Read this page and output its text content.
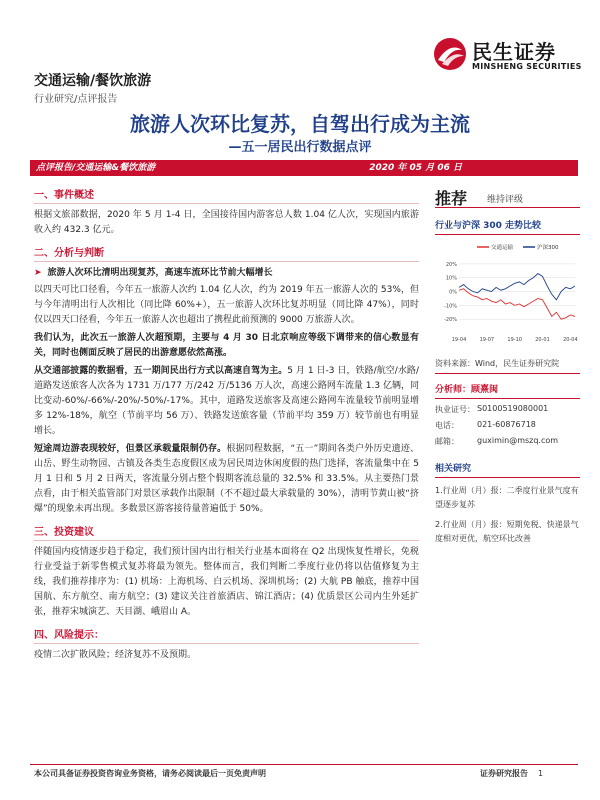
民生证券
MINSHENG SECURITIES
交通运输/餐饮旅游
行业研究/点评报告
旅游人次环比复苏，自驾出行成为主流
—五一居民出行数据点评
点评报告/交通运输&餐饮旅游	2020 年 05 月 06 日
一、事件概述
根据文旅部数据，2020 年 5 月 1-4 日，全国接待国内游客总人数 1.04 亿人次，实现国内旅游收入约 432.3 亿元。
二、分析与判断
➤ 旅游人次环比清明出现复苏，高速车流环比节前大幅增长
以四天可比口径看，今年五一旅游人次约 1.04 亿人次，约为 2019 年五一旅游人次的 53%，但与今年清明出行人次相比（同比降 60%+），五一旅游人次环比复苏明显（同比降 47%），同时仅以四天口径看，今年五一旅游人次也超出了携程此前预测的 9000 万旅游人次。
我们认为，此次五一旅游人次超预期，主要与 4 月 30 日北京响应等级下调带来的信心数显有关，同时也侧面反映了居民的出游意愿依然高涨。
从交通部披露的数据看，五一期间民出行方式以高速自驾为主。5 月 1 日-3 日，铁路/航空/水路/道路发送旅客人次各为 1731 万/177 万/242 万/5136 万人次，高速公路网车流量 1.3 亿辆，同比变动-60%/-66%/-20%/-50%/-17%。其中，道路发送旅客及高速公路网车流量较节前明显增多 12%-18%，航空（节前平均 56 万）、铁路发送旅客量（节前平均 359 万）较节前也有明显增长。
短途周边游表现较好，但景区承载量限制仍存。根据同程数据，“五一”期间各类户外历史遗迹、山岳、野生动物园、古镇及各类生态度假区成为居民周边休闲度假的热门选择，客流量集中在 5 月 1 日和 5 月 2 日两天，客流量分别占整个假期客流总量的 32.5% 和 33.5%。从主要热门景点看，由于相关监管部门对景区承载作出限制（不不超过最大承载量的 30%），清明节黄山被“挤爆”的现象未再出现。多数景区游客接待量普遍低于 50%。
三、投资建议
伴随国内疫情逐步趋于稳定，我们预计国内出行相关行业基本面将在 Q2 出现恢复性增长，免税行业受益于新零售模式复苏将最为领先。整体而言，我们判断二季度行业仍将以估值修复为主线，我们推荐排序为：(1) 机场：上海机场、白云机场、深圳机场；(2) 大航 PB 触底，推荐中国国航、东方航空、南方航空；(3) 建议关注首旅酒店、锦江酒店；(4) 优质景区公司内生外延扩张，推荐宋城演艺、天目湖、峨眉山 A。
四、风险提示：
疫情二次扩散风险；经济复苏不及预期。
推荐 维持评级
行业与沪深 300 走势比较
20%
10%
0%
-10%
-20%
19-04	19-07	19-10	20-01	20-04
交通运输	沪深300
资料来源：Wind，民生证券研究院
分析师：顾熹闽
执业证号： S0100519080001
电话：	021-60876718
邮箱：	guximin@mszq.com
相关研究
1.行业周（月）报：二季度行业景气度有望逐步复苏
2.行业周（月）报：短期免税、快递景气度相对更优，航空环比改善
本公司具备证券投资咨询业务资格，请务必阅读最后一页免责声明	证券研究报告 1
